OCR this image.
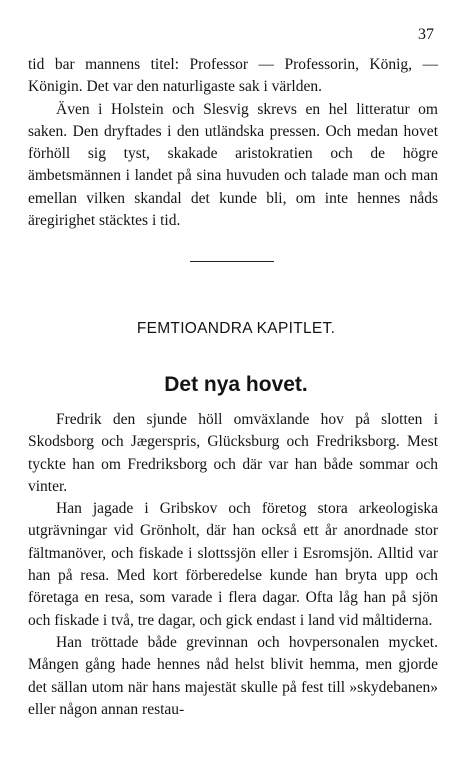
37

tid bar mannens titel: Professor — Professorin, König, — Königin. Det var den naturligaste sak i världen.

Även i Holstein och Slesvig skrevs en hel litteratur om saken. Den dryftades i den utländska pressen. Och medan hovet förhöll sig tyst, skakade aristokratien och de högre ämbetsmännen i landet på sina huvuden och talade man och man emellan vilken skandal det kunde bli, om inte hennes nåds äregirighet stäcktes i tid.

FEMTIOANDRA KAPITLET.
Det nya hovet.

Fredrik den sjunde höll omväxlande hov på slotten i Skodsborg och Jægerspris, Glücksburg och Fredriksborg. Mest tyckte han om Fredriksborg och där var han både sommar och vinter.

Han jagade i Gribskov och företog stora arkeologiska utgrävningar vid Grönholt, där han också ett år anordnade stor fältmanöver, och fiskade i slottssjön eller i Esromsjön. Alltid var han på resa. Med kort förberedelse kunde han bryta upp och företaga en resa, som varade i flera dagar. Ofta låg han på sjön och fiskade i två, tre dagar, och gick endast i land vid måltiderna.

Han tröttade både grevinnan och hovpersonalen mycket. Mången gång hade hennes nåd helst blivit hemma, men gjorde det sällan utom när hans majestät skulle på fest till »skydebanen» eller någon annan restau-
